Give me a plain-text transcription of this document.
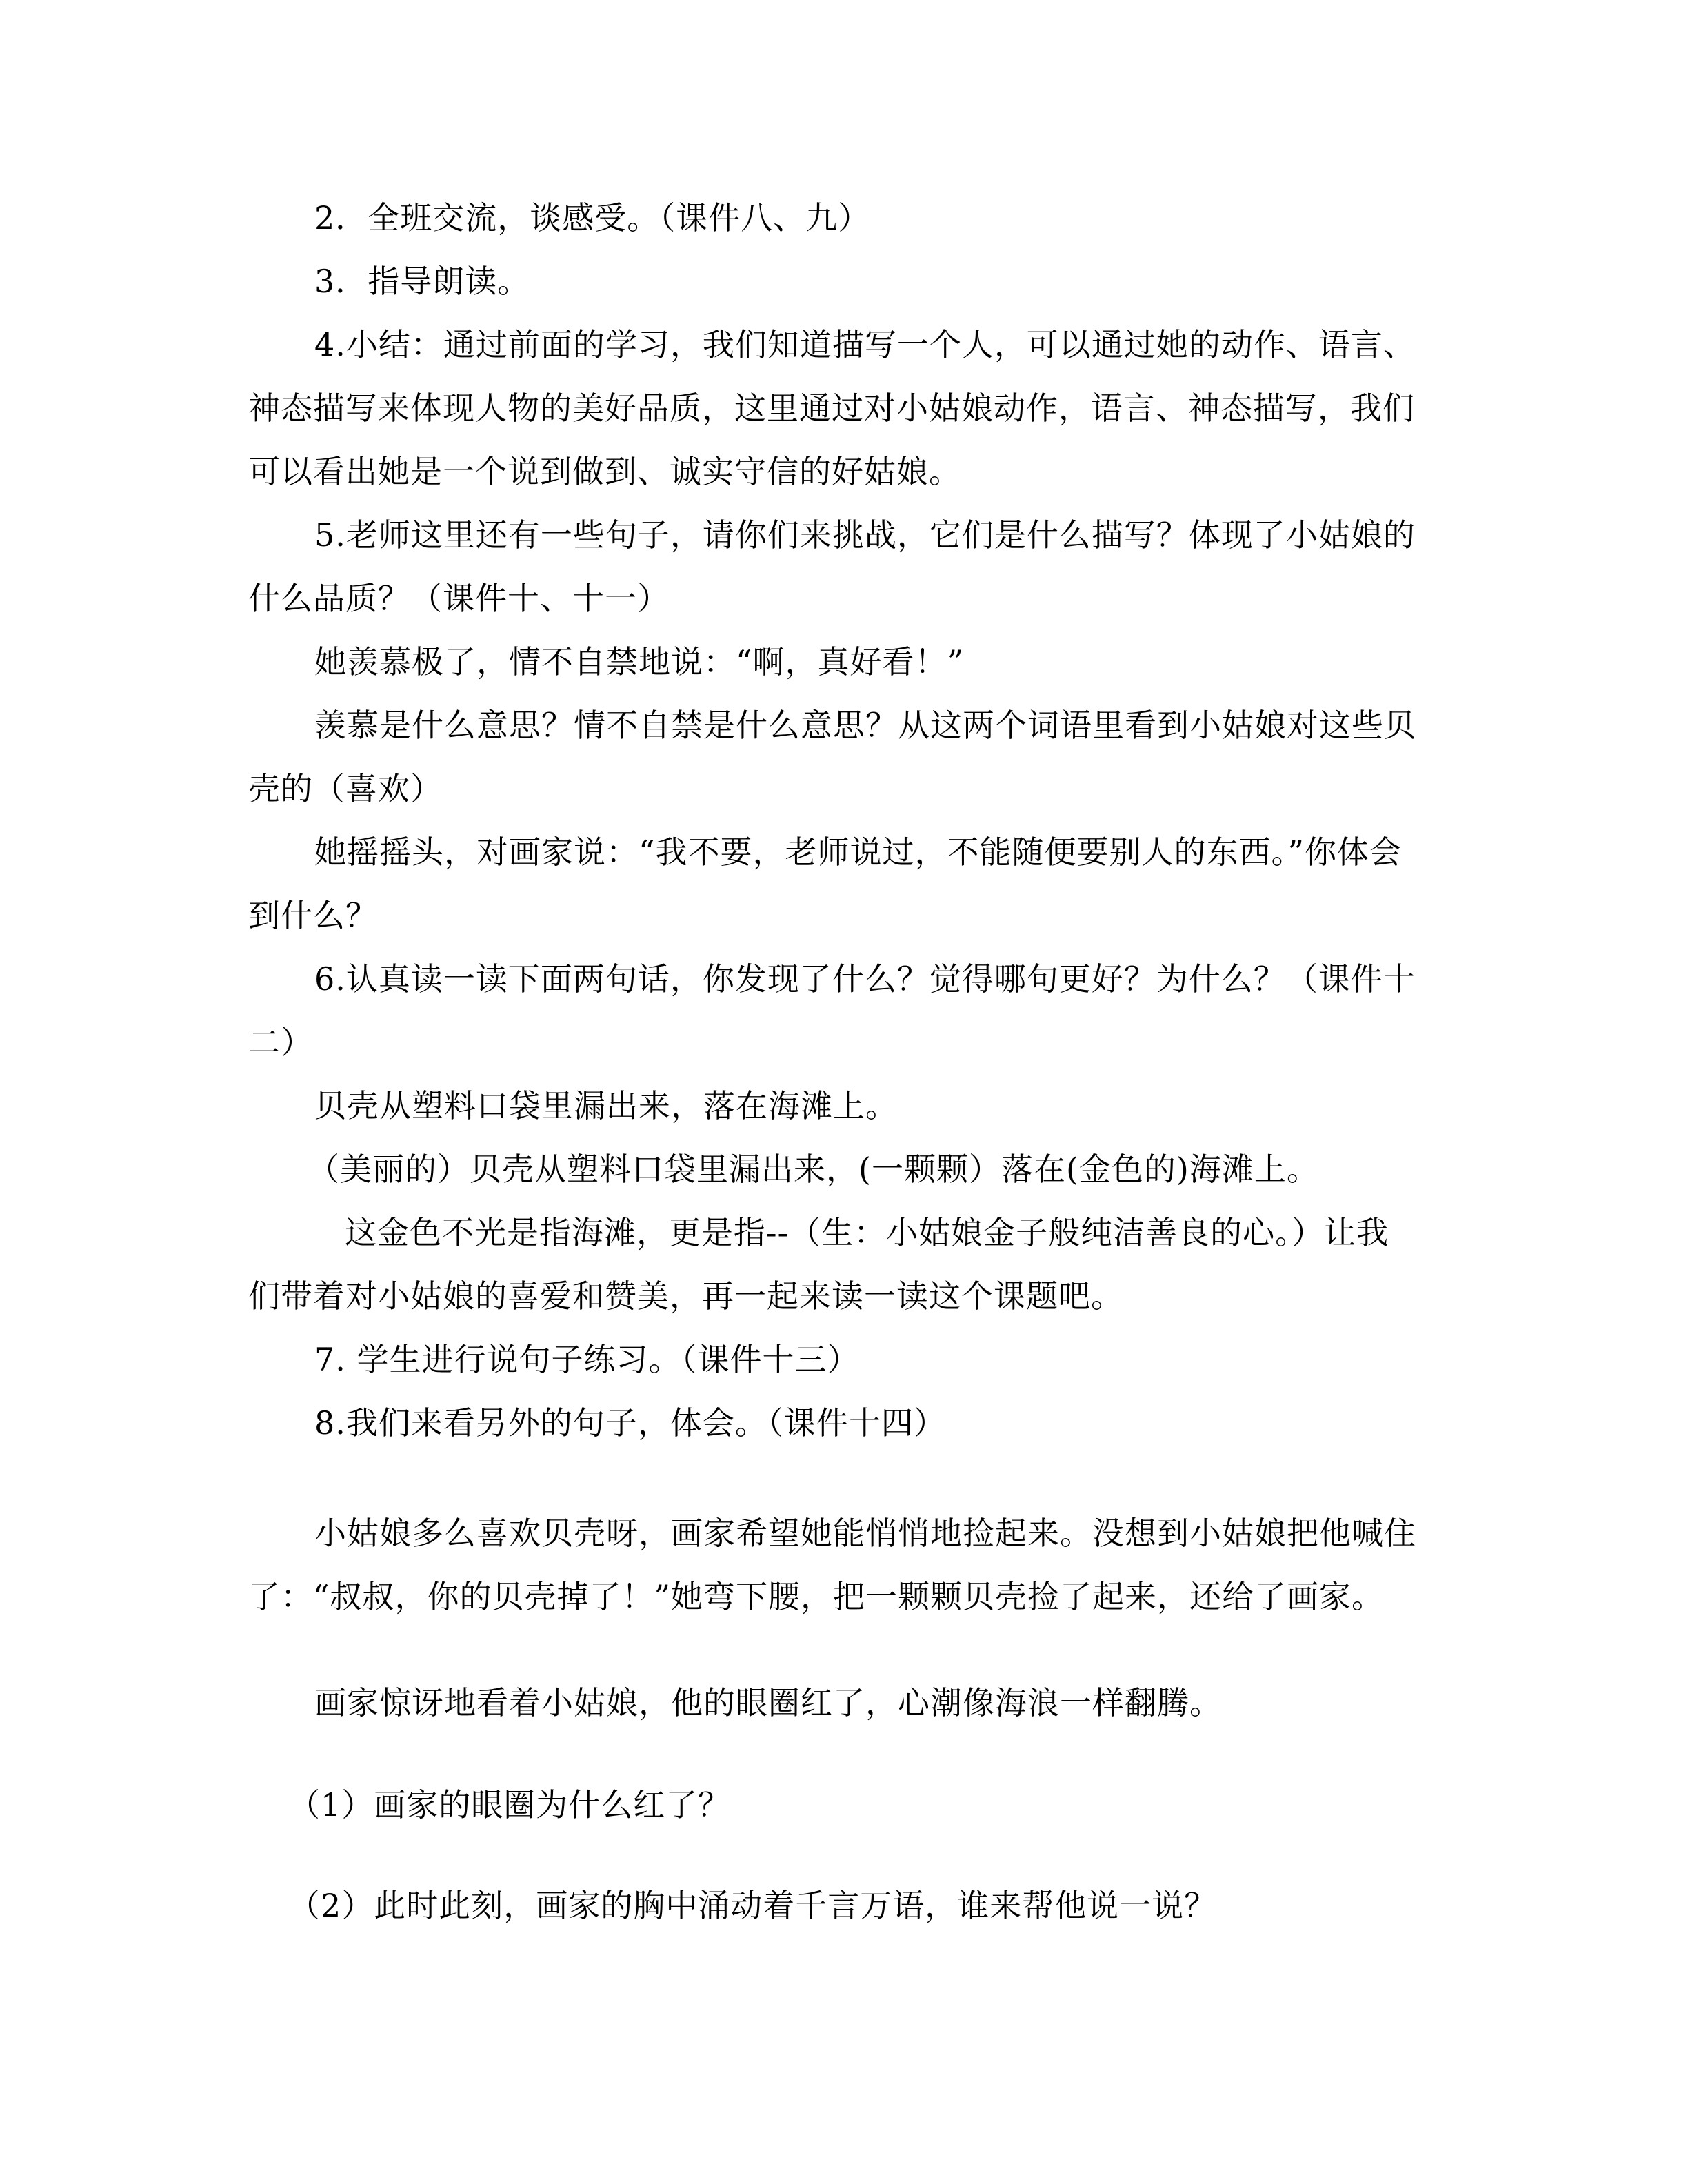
2．全班交流，谈感受。（课件八、九）
3．指导朗读。
4.小结：通过前面的学习，我们知道描写一个人，可以通过她的动作、语言、
神态描写来体现人物的美好品质，这里通过对小姑娘动作，语言、神态描写，我们
可以看出她是一个说到做到、诚实守信的好姑娘。
5.老师这里还有一些句子，请你们来挑战，它们是什么描写？体现了小姑娘的
什么品质？（课件十、十一）
她羡慕极了，情不自禁地说：“啊，真好看！”
羡慕是什么意思？情不自禁是什么意思？从这两个词语里看到小姑娘对这些贝
壳的（喜欢）
她摇摇头，对画家说：“我不要，老师说过，不能随便要别人的东西。”你体会
到什么？
6.认真读一读下面两句话，你发现了什么？觉得哪句更好？为什么？（课件十
二）
贝壳从塑料口袋里漏出来，落在海滩上。
（美丽的）贝壳从塑料口袋里漏出来，(一颗颗）落在(金色的)海滩上。
这金色不光是指海滩，更是指--（生：小姑娘金子般纯洁善良的心。）让我
们带着对小姑娘的喜爱和赞美，再一起来读一读这个课题吧。
7. 学生进行说句子练习。（课件十三）
8.我们来看另外的句子，体会。（课件十四）
小姑娘多么喜欢贝壳呀，画家希望她能悄悄地捡起来。没想到小姑娘把他喊住
了：“叔叔，你的贝壳掉了！”她弯下腰，把一颗颗贝壳捡了起来，还给了画家。
画家惊讶地看着小姑娘，他的眼圈红了，心潮像海浪一样翻腾。
（1）画家的眼圈为什么红了？
（2）此时此刻，画家的胸中涌动着千言万语，谁来帮他说一说？
